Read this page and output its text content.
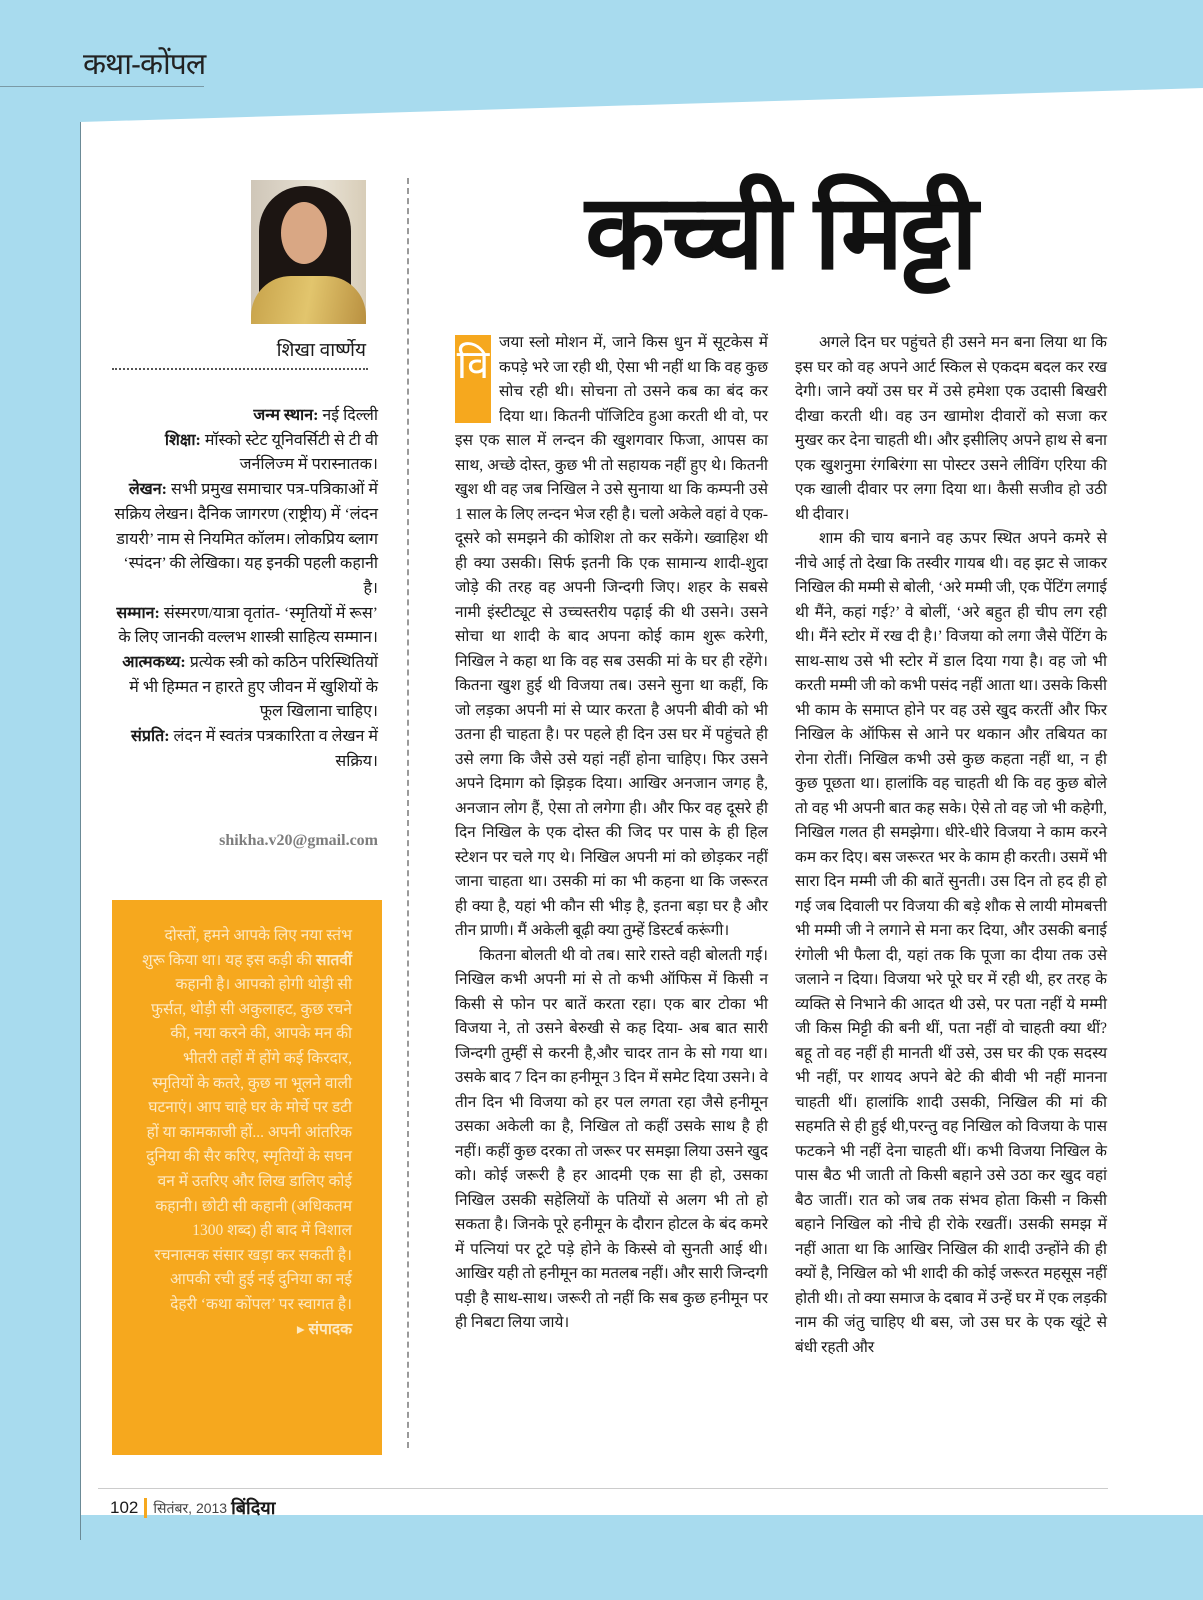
कथा-कोंपल
शिखा वार्ष्णेय

जन्म स्थान: नई दिल्ली

शिक्षा: मॉस्को स्टेट यूनिवर्सिटी से टी वी जर्नलिज्म में परास्नातक।

लेखन: सभी प्रमुख समाचार पत्र-पत्रिकाओं में सक्रिय लेखन। दैनिक जागरण (राष्ट्रीय) में ‘लंदन डायरी’ नाम से नियमित कॉलम। लोकप्रिय ब्लाग ‘स्पंदन’ की लेखिका। यह इनकी पहली कहानी है।

सम्मान: संस्मरण/यात्रा वृतांत- ‘स्मृतियों में रूस’ के लिए जानकी वल्लभ शास्त्री साहित्य सम्मान।

आत्मकथ्य: प्रत्येक स्त्री को कठिन परिस्थितियों में भी हिम्मत न हारते हुए जीवन में खुशियों के फूल खिलाना चाहिए।

संप्रति: लंदन में स्वतंत्र पत्रकारिता व लेखन में सक्रिय।

shikha.v20@gmail.com
दोस्तों, हमने आपके लिए नया स्तंभ शुरू किया था। यह इस कड़ी की सातवीं कहानी है। आपको होगी थोड़ी सी फुर्सत, थोड़ी सी अकुलाहट, कुछ रचने की, नया करने की, आपके मन की भीतरी तहों में होंगे कई किरदार, स्मृतियों के कतरे, कुछ ना भूलने वाली घटनाएं। आप चाहे घर के मोर्चे पर डटी हों या कामकाजी हों... अपनी आंतरिक दुनिया की सैर करिए, स्मृतियों के सघन वन में उतरिए और लिख डालिए कोई कहानी। छोटी सी कहानी (अधिकतम 1300 शब्द) ही बाद में विशाल रचनात्मक संसार खड़ा कर सकती है। आपकी रची हुई नई दुनिया का नई देहरी ‘कथा कोंपल’ पर स्वागत है।
▸ संपादक
कच्ची मिट्टी

वि
जया स्लो मोशन में, जाने किस धुन में सूटकेस में कपड़े भरे जा रही थी, ऐसा भी नहीं था कि वह कुछ सोच रही थी। सोचना तो उसने कब का बंद कर दिया था। कितनी पॉजिटिव हुआ करती थी वो, पर इस एक साल में लन्दन की खुशगवार फिजा, आपस का साथ, अच्छे दोस्त, कुछ भी तो सहायक नहीं हुए थे। कितनी खुश थी वह जब निखिल ने उसे सुनाया था कि कम्पनी उसे 1 साल के लिए लन्दन भेज रही है। चलो अकेले वहां वे एक-दूसरे को समझने की कोशिश तो कर सकेंगे। ख्वाहिश थी ही क्या उसकी। सिर्फ इतनी कि एक सामान्य शादी-शुदा जोड़े की तरह वह अपनी जिन्दगी जिए। शहर के सबसे नामी इंस्टीट्यूट से उच्चस्तरीय पढ़ाई की थी उसने। उसने सोचा था शादी के बाद अपना कोई काम शुरू करेगी, निखिल ने कहा था कि वह सब उसकी मां के घर ही रहेंगे। कितना खुश हुई थी विजया तब। उसने सुना था कहीं, कि जो लड़का अपनी मां से प्यार करता है अपनी बीवी को भी उतना ही चाहता है। पर पहले ही दिन उस घर में पहुंचते ही उसे लगा कि जैसे उसे यहां नहीं होना चाहिए। फिर उसने अपने दिमाग को झिड़क दिया। आखिर अनजान जगह है, अनजान लोग हैं, ऐसा तो लगेगा ही। और फिर वह दूसरे ही दिन निखिल के एक दोस्त की जिद पर पास के ही हिल स्टेशन पर चले गए थे। निखिल अपनी मां को छोड़कर नहीं जाना चाहता था। उसकी मां का भी कहना था कि जरूरत ही क्या है, यहां भी कौन सी भीड़ है, इतना बड़ा घर है और तीन प्राणी। मैं अकेली बूढ़ी क्या तुम्हें डिस्टर्ब करूंगी।

कितना बोलती थी वो तब। सारे रास्ते वही बोलती गई। निखिल कभी अपनी मां से तो कभी ऑफिस में किसी न किसी से फोन पर बातें करता रहा। एक बार टोका भी विजया ने, तो उसने बेरुखी से कह दिया- अब बात सारी जिन्दगी तुम्हीं से करनी है,और चादर तान के सो गया था। उसके बाद 7 दिन का हनीमून 3 दिन में समेट दिया उसने। वे तीन दिन भी विजया को हर पल लगता रहा जैसे हनीमून उसका अकेली का है, निखिल तो कहीं उसके साथ है ही नहीं। कहीं कुछ दरका तो जरूर पर समझा लिया उसने खुद को। कोई जरूरी है हर आदमी एक सा ही हो, उसका निखिल उसकी सहेलियों के पतियों से अलग भी तो हो सकता है। जिनके पूरे हनीमून के दौरान होटल के बंद कमरे में पत्नियां पर टूटे पड़े होने के किस्से वो सुनती आई थी। आखिर यही तो हनीमून का मतलब नहीं। और सारी जिन्दगी पड़ी है साथ-साथ। जरूरी तो नहीं कि सब कुछ हनीमून पर ही निबटा लिया जाये।

अगले दिन घर पहुंचते ही उसने मन बना लिया था कि इस घर को वह अपने आर्ट स्किल से एकदम बदल कर रख देगी। जाने क्यों उस घर में उसे हमेशा एक उदासी बिखरी दीखा करती थी। वह उन खामोश दीवारों को सजा कर मुखर कर देना चाहती थी। और इसीलिए अपने हाथ से बना एक खुशनुमा रंगबिरंगा सा पोस्टर उसने लीविंग एरिया की एक खाली दीवार पर लगा दिया था। कैसी सजीव हो उठी थी दीवार।

शाम की चाय बनाने वह ऊपर स्थित अपने कमरे से नीचे आई तो देखा कि तस्वीर गायब थी। वह झट से जाकर निखिल की मम्मी से बोली, ‘अरे मम्मी जी, एक पेंटिंग लगाई थी मैंने, कहां गई?’ वे बोलीं, ‘अरे बहुत ही चीप लग रही थी। मैंने स्टोर में रख दी है।’ विजया को लगा जैसे पेंटिंग के साथ-साथ उसे भी स्टोर में डाल दिया गया है। वह जो भी करती मम्मी जी को कभी पसंद नहीं आता था। उसके किसी भी काम के समाप्त होने पर वह उसे खुद करतीं और फिर निखिल के ऑफिस से आने पर थकान और तबियत का रोना रोतीं। निखिल कभी उसे कुछ कहता नहीं था, न ही कुछ पूछता था। हालांकि वह चाहती थी कि वह कुछ बोले तो वह भी अपनी बात कह सके। ऐसे तो वह जो भी कहेगी, निखिल गलत ही समझेगा। धीरे-धीरे विजया ने काम करने कम कर दिए। बस जरूरत भर के काम ही करती। उसमें भी सारा दिन मम्मी जी की बातें सुनती। उस दिन तो हद ही हो गई जब दिवाली पर विजया की बड़े शौक से लायी मोमबत्ती भी मम्मी जी ने लगाने से मना कर दिया, और उसकी बनाई रंगोली भी फैला दी, यहां तक कि पूजा का दीया तक उसे जलाने न दिया। विजया भरे पूरे घर में रही थी, हर तरह के व्यक्ति से निभाने की आदत थी उसे, पर पता नहीं ये मम्मी जी किस मिट्टी की बनी थीं, पता नहीं वो चाहती क्या थीं? बहू तो वह नहीं ही मानती थीं उसे, उस घर की एक सदस्य भी नहीं, पर शायद अपने बेटे की बीवी भी नहीं मानना चाहती थीं। हालांकि शादी उसकी, निखिल की मां की सहमति से ही हुई थी,परन्तु वह निखिल को विजया के पास फटकने भी नहीं देना चाहती थीं। कभी विजया निखिल के पास बैठ भी जाती तो किसी बहाने उसे उठा कर खुद वहां बैठ जातीं। रात को जब तक संभव होता किसी न किसी बहाने निखिल को नीचे ही रोके रखतीं। उसकी समझ में नहीं आता था कि आखिर निखिल की शादी उन्होंने की ही क्यों है, निखिल को भी शादी की कोई जरूरत महसूस नहीं होती थी। तो क्या समाज के दबाव में उन्हें घर में एक लड़की नाम की जंतु चाहिए थी बस, जो उस घर के एक खूंटे से बंधी रहती और

102 सितंबर, 2013 बिंदिया
